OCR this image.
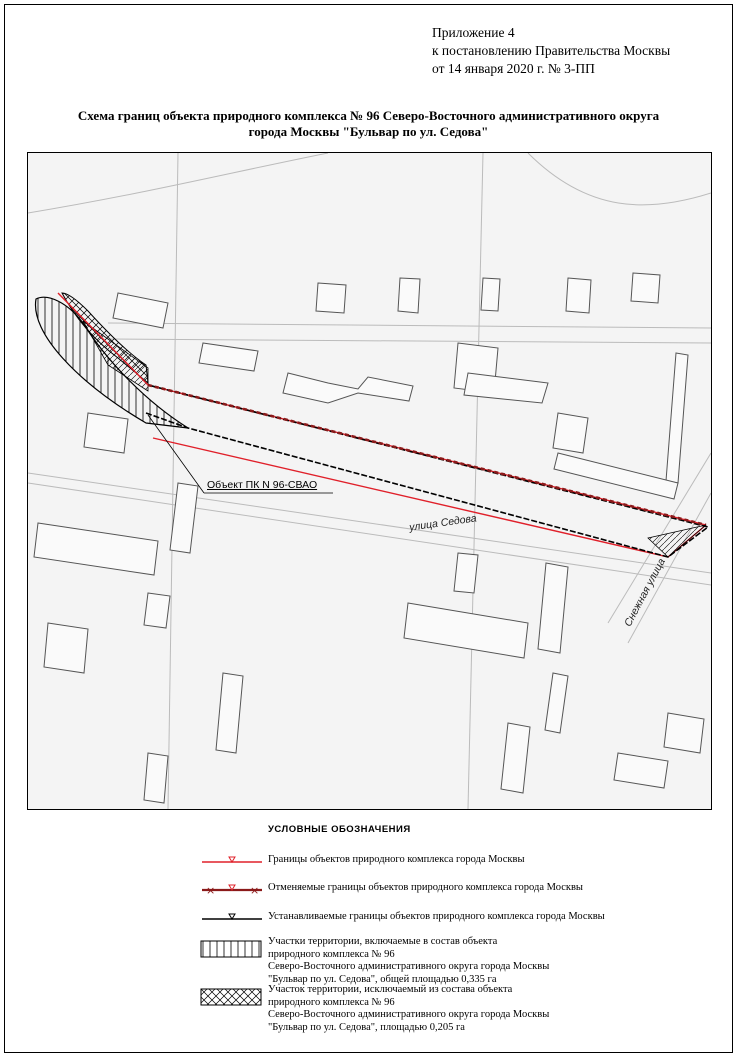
Приложение 4
к постановлению Правительства Москвы
от 14 января 2020 г. № 3-ПП
Схема границ объекта природного комплекса № 96 Северо-Восточного административного округа
города Москвы "Бульвар по ул. Седова"
Объект ПК N 96-СВАО
улица Седова
Снежная улица
УСЛОВНЫЕ ОБОЗНАЧЕНИЯ
Границы объектов природного комплекса города Москвы
×	× Отменяемые границы объектов природного комплекса города Москвы
Устанавливаемые границы объектов природного комплекса города Москвы
Участки территории, включаемые в состав объекта
природного комплекса № 96
Северо-Восточного административного округа города Москвы
"Бульвар по ул. Седова", общей площадью 0,335 га
Участок территории, исключаемый из состава объекта
природного комплекса № 96
Северо-Восточного административного округа города Москвы
"Бульвар по ул. Седова", площадью 0,205 га
